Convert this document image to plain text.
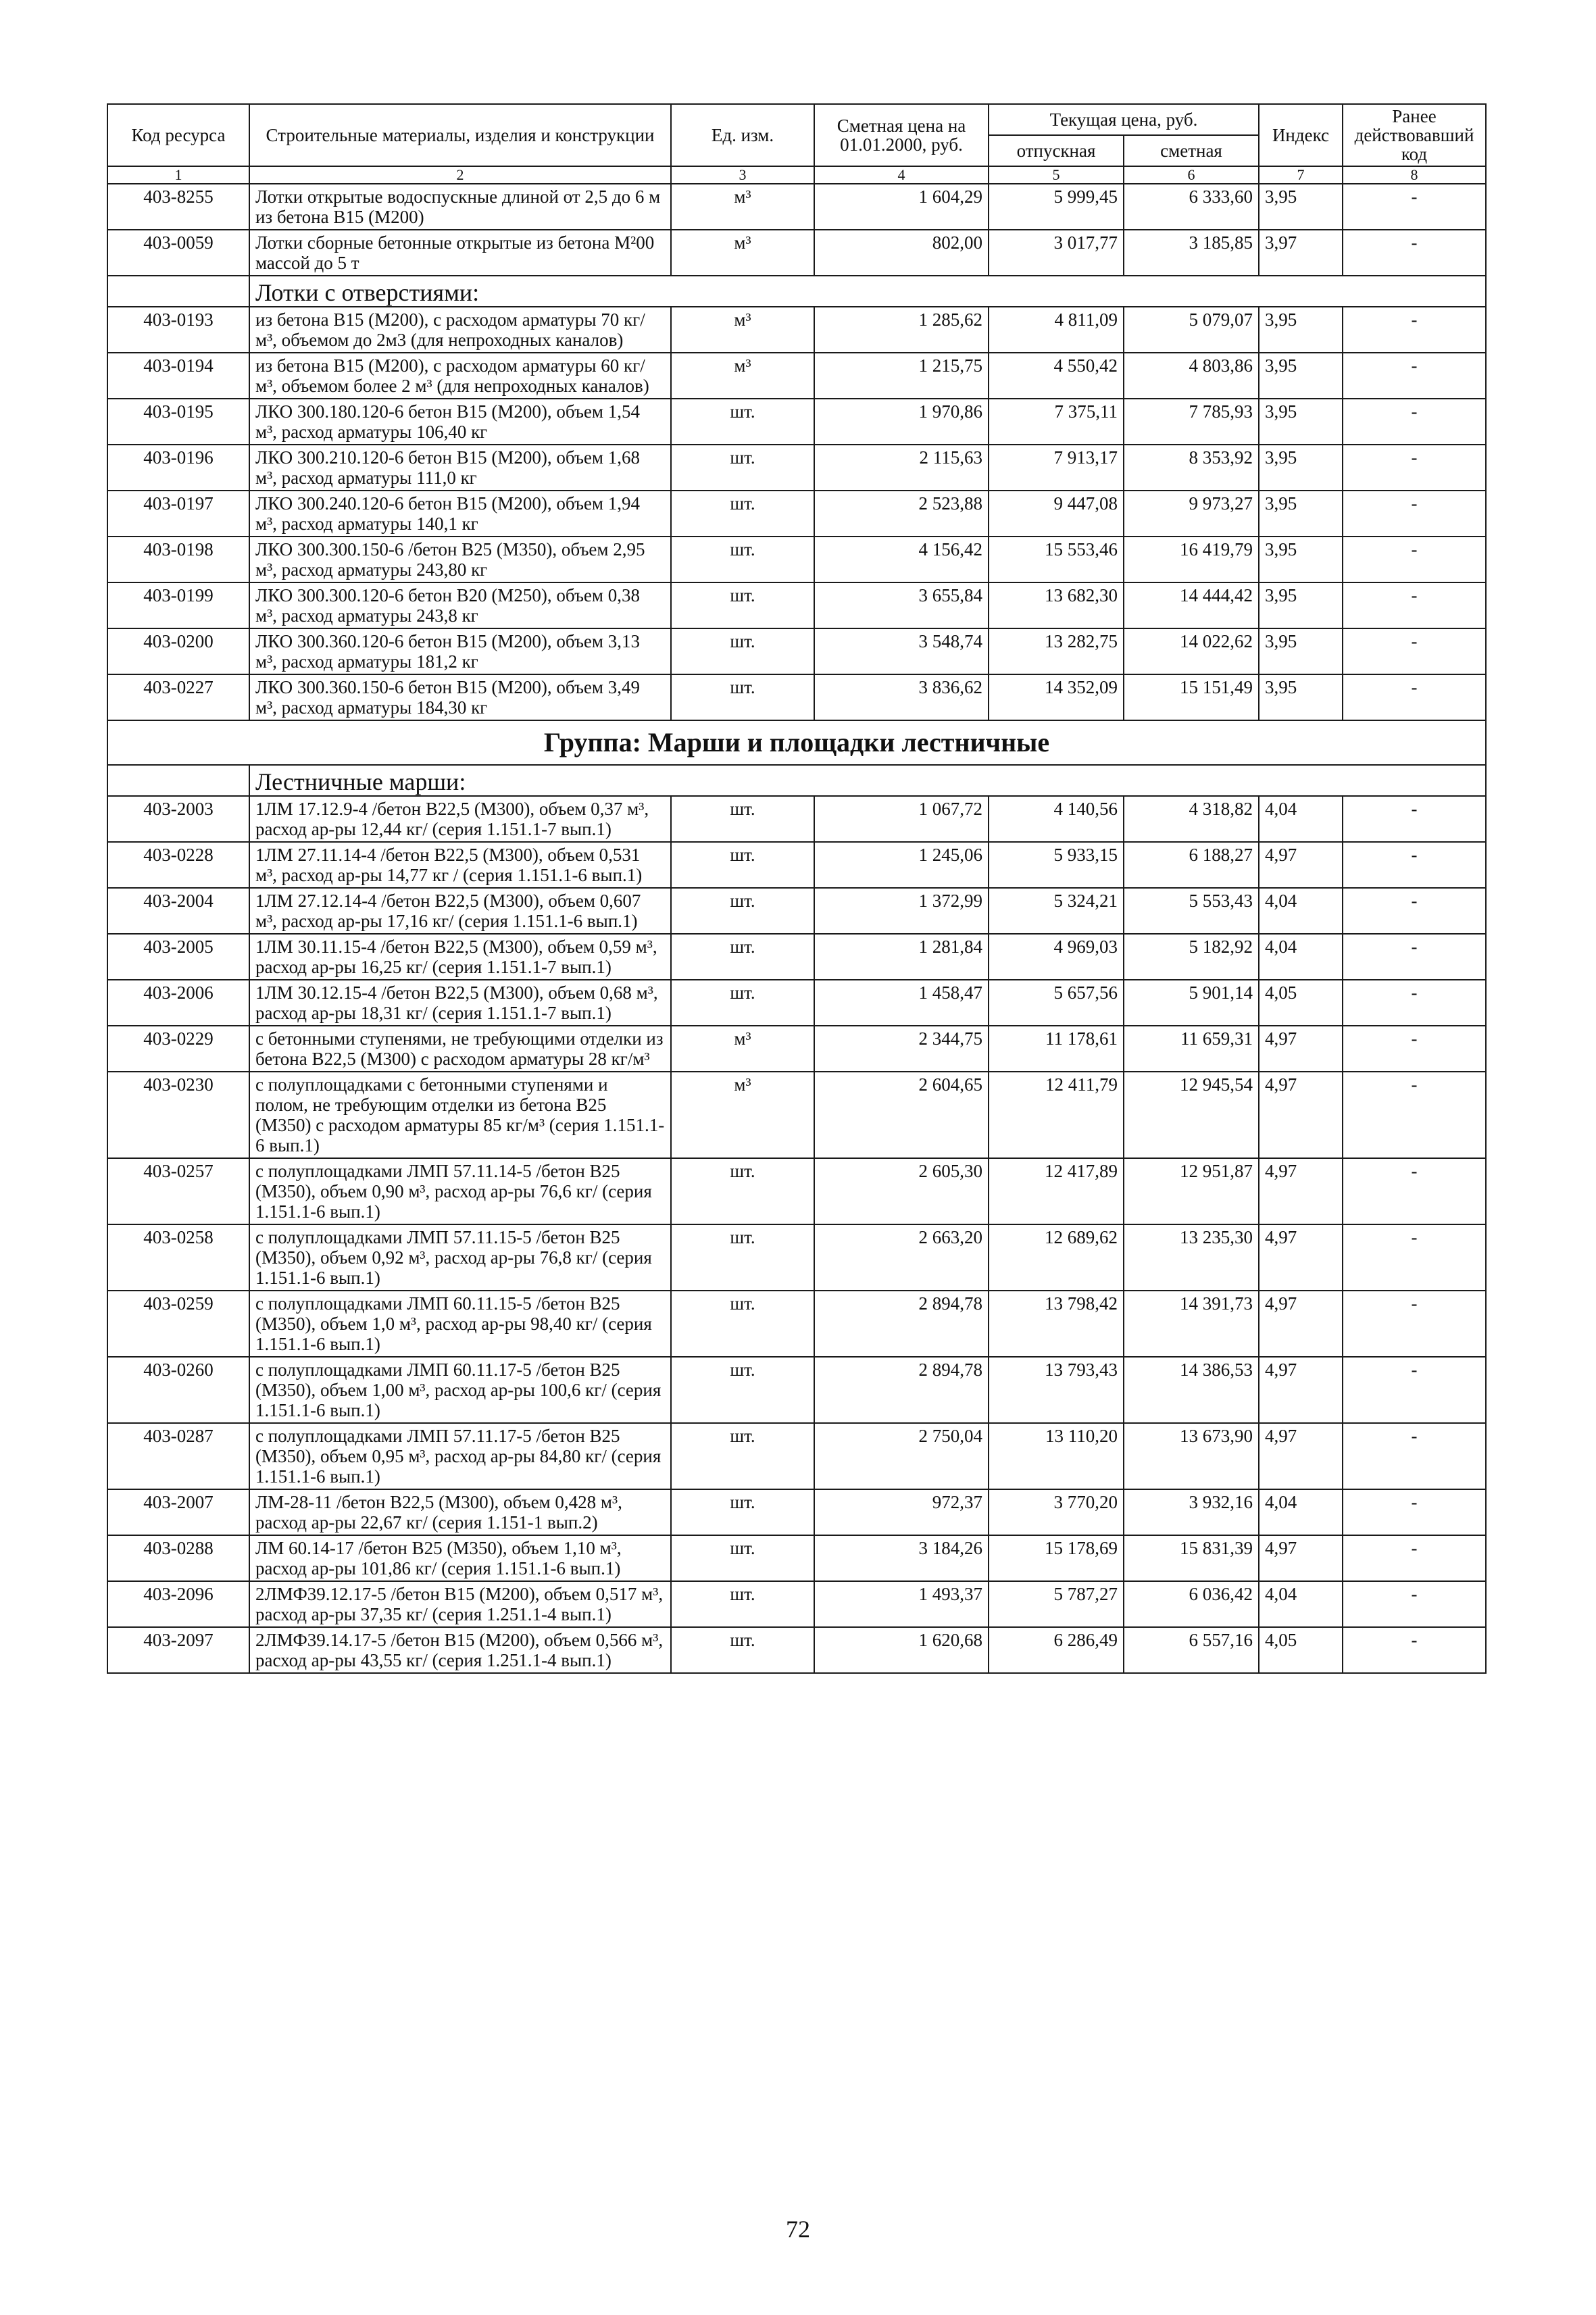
Код ресурса	Строительные материалы, изделия и конструкции	Ед. изм.	Сметная цена на 01.01.2000, руб.	Текущая цена, руб.		Индекс	Ранее действовавший код
				отпускная	сметная		
1	2	3	4	5	6	7	8
403-8255	Лотки открытые водоспускные длиной от 2,5 до 6 м из бетона В15 (М200)	м³	1 604,29	5 999,45	6 333,60	3,95	-
403-0059	Лотки сборные бетонные открытые из бетона М²00 массой до 5 т	м³	802,00	3 017,77	3 185,85	3,97	-
	Лотки с отверстиями:						
403-0193	из бетона В15 (М200), с расходом арматуры 70 кг/м³, объемом до 2м3 (для непроходных каналов)	м³	1 285,62	4 811,09	5 079,07	3,95	-
403-0194	из бетона В15 (М200), с расходом арматуры 60 кг/м³, объемом более 2 м³ (для непроходных каналов)	м³	1 215,75	4 550,42	4 803,86	3,95	-
403-0195	ЛКО 300.180.120-6 бетон В15 (М200), объем 1,54 м³, расход арматуры 106,40 кг	шт.	1 970,86	7 375,11	7 785,93	3,95	-
403-0196	ЛКО 300.210.120-6 бетон В15 (М200), объем 1,68 м³, расход арматуры 111,0 кг	шт.	2 115,63	7 913,17	8 353,92	3,95	-
403-0197	ЛКО 300.240.120-6 бетон В15 (М200), объем 1,94 м³, расход арматуры 140,1 кг	шт.	2 523,88	9 447,08	9 973,27	3,95	-
403-0198	ЛКО 300.300.150-6 /бетон В25 (М350), объем 2,95 м³, расход арматуры 243,80 кг	шт.	4 156,42	15 553,46	16 419,79	3,95	-
403-0199	ЛКО 300.300.120-6 бетон В20 (М250), объем 0,38 м³, расход арматуры 243,8 кг	шт.	3 655,84	13 682,30	14 444,42	3,95	-
403-0200	ЛКО 300.360.120-6 бетон В15 (М200), объем 3,13 м³, расход арматуры 181,2 кг	шт.	3 548,74	13 282,75	14 022,62	3,95	-
403-0227	ЛКО 300.360.150-6 бетон В15 (М200), объем 3,49 м³, расход арматуры 184,30 кг	шт.	3 836,62	14 352,09	15 151,49	3,95	-
Группа: Марши и площадки лестничные							
	Лестничные марши:						
403-2003	1ЛМ 17.12.9-4 /бетон В22,5 (М300), объем 0,37 м³, расход ар-ры 12,44 кг/ (серия 1.151.1-7 вып.1)	шт.	1 067,72	4 140,56	4 318,82	4,04	-
403-0228	1ЛМ 27.11.14-4 /бетон В22,5 (М300), объем 0,531 м³, расход ар-ры 14,77 кг / (серия 1.151.1-6 вып.1)	шт.	1 245,06	5 933,15	6 188,27	4,97	-
403-2004	1ЛМ 27.12.14-4 /бетон В22,5 (М300), объем 0,607 м³, расход ар-ры 17,16 кг/ (серия 1.151.1-6 вып.1)	шт.	1 372,99	5 324,21	5 553,43	4,04	-
403-2005	1ЛМ 30.11.15-4 /бетон В22,5 (М300), объем 0,59 м³, расход ар-ры 16,25 кг/ (серия 1.151.1-7 вып.1)	шт.	1 281,84	4 969,03	5 182,92	4,04	-
403-2006	1ЛМ 30.12.15-4 /бетон В22,5 (М300), объем 0,68 м³, расход ар-ры 18,31 кг/ (серия 1.151.1-7 вып.1)	шт.	1 458,47	5 657,56	5 901,14	4,05	-
403-0229	с бетонными ступенями, не требующими отделки из бетона В22,5 (М300) с расходом арматуры 28 кг/м³	м³	2 344,75	11 178,61	11 659,31	4,97	-
403-0230	с полуплощадками с бетонными ступенями и полом, не требующим отделки из бетона В25 (М350) с расходом арматуры 85 кг/м³ (серия 1.151.1-6 вып.1)	м³	2 604,65	12 411,79	12 945,54	4,97	-
403-0257	с полуплощадками ЛМП 57.11.14-5 /бетон В25 (М350), объем 0,90 м³, расход ар-ры 76,6 кг/ (серия 1.151.1-6 вып.1)	шт.	2 605,30	12 417,89	12 951,87	4,97	-
403-0258	с полуплощадками ЛМП 57.11.15-5 /бетон В25 (М350), объем 0,92 м³, расход ар-ры 76,8 кг/ (серия 1.151.1-6 вып.1)	шт.	2 663,20	12 689,62	13 235,30	4,97	-
403-0259	с полуплощадками ЛМП 60.11.15-5 /бетон В25 (М350), объем 1,0 м³, расход ар-ры 98,40 кг/ (серия 1.151.1-6 вып.1)	шт.	2 894,78	13 798,42	14 391,73	4,97	-
403-0260	с полуплощадками ЛМП 60.11.17-5 /бетон В25 (М350), объем 1,00 м³, расход ар-ры 100,6 кг/ (серия 1.151.1-6 вып.1)	шт.	2 894,78	13 793,43	14 386,53	4,97	-
403-0287	с полуплощадками ЛМП 57.11.17-5 /бетон В25 (М350), объем 0,95 м³, расход ар-ры 84,80 кг/ (серия 1.151.1-6 вып.1)	шт.	2 750,04	13 110,20	13 673,90	4,97	-
403-2007	ЛМ-28-11 /бетон В22,5 (М300), объем 0,428 м³, расход ар-ры 22,67 кг/ (серия 1.151-1 вып.2)	шт.	972,37	3 770,20	3 932,16	4,04	-
403-0288	ЛМ 60.14-17 /бетон В25 (М350), объем 1,10 м³, расход ар-ры 101,86 кг/ (серия 1.151.1-6 вып.1)	шт.	3 184,26	15 178,69	15 831,39	4,97	-
403-2096	2ЛМФ39.12.17-5 /бетон В15 (М200), объем 0,517 м³, расход ар-ры 37,35 кг/ (серия 1.251.1-4 вып.1)	шт.	1 493,37	5 787,27	6 036,42	4,04	-
403-2097	2ЛМФ39.14.17-5 /бетон В15 (М200), объем 0,566 м³, расход ар-ры 43,55 кг/ (серия 1.251.1-4 вып.1)	шт.	1 620,68	6 286,49	6 557,16	4,05	-
72
